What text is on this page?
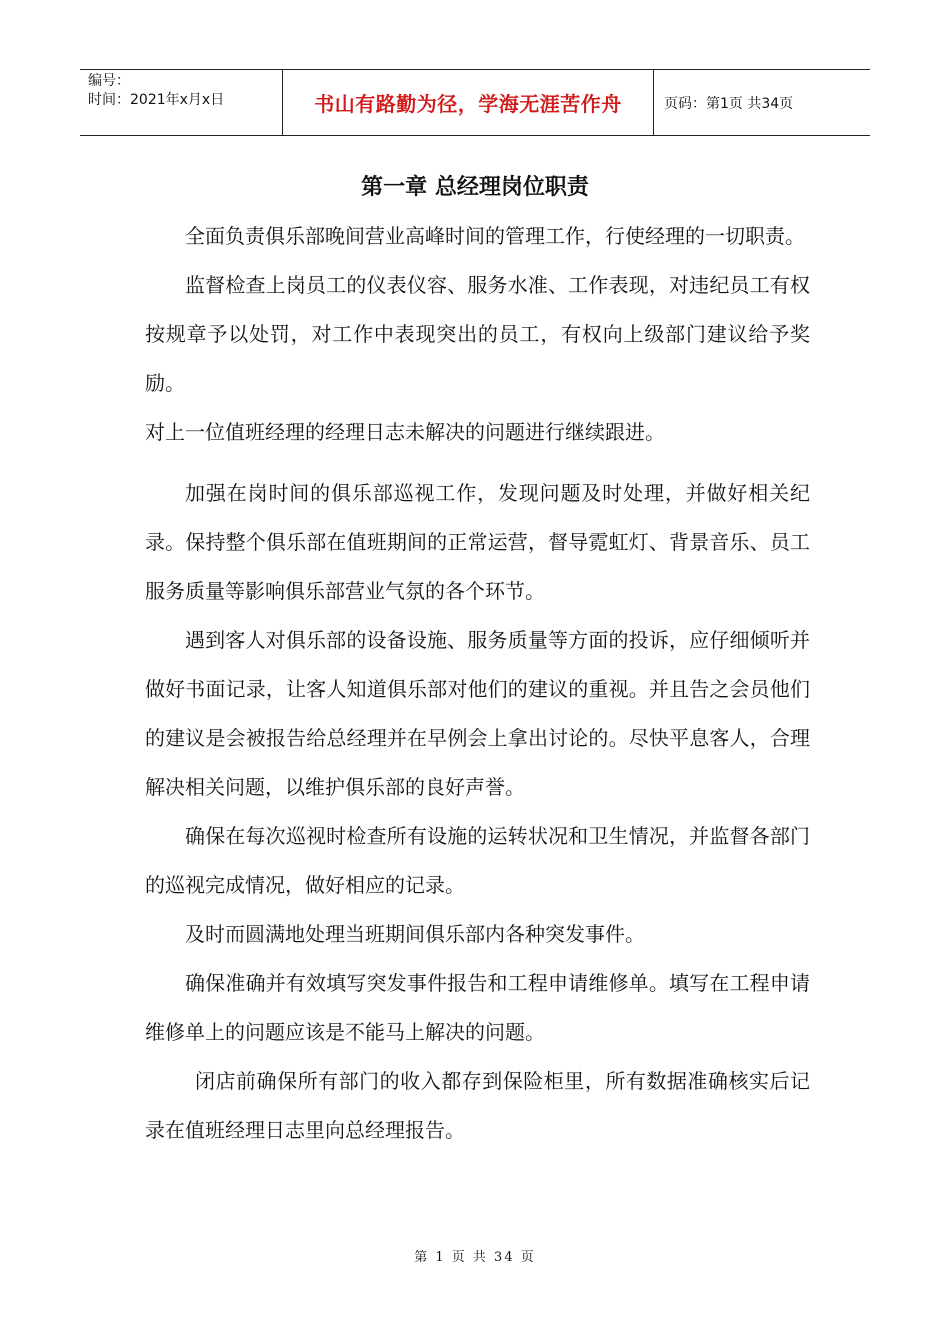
编号：
时间：2021年x月x日	书山有路勤为径，学海无涯苦作舟	页码：第1页 共34页
第一章 总经理岗位职责

全面负责俱乐部晚间营业高峰时间的管理工作，行使经理的一切职责。

监督检查上岗员工的仪表仪容、服务水准、工作表现，对违纪员工有权按规章予以处罚，对工作中表现突出的员工，有权向上级部门建议给予奖励。

对上一位值班经理的经理日志未解决的问题进行继续跟进。

加强在岗时间的俱乐部巡视工作，发现问题及时处理，并做好相关纪录。保持整个俱乐部在值班期间的正常运营，督导霓虹灯、背景音乐、员工服务质量等影响俱乐部营业气氛的各个环节。

遇到客人对俱乐部的设备设施、服务质量等方面的投诉，应仔细倾听并做好书面记录，让客人知道俱乐部对他们的建议的重视。并且告之会员他们的建议是会被报告给总经理并在早例会上拿出讨论的。尽快平息客人，合理解决相关问题，以维护俱乐部的良好声誉。

确保在每次巡视时检查所有设施的运转状况和卫生情况，并监督各部门的巡视完成情况，做好相应的记录。

及时而圆满地处理当班期间俱乐部内各种突发事件。

确保准确并有效填写突发事件报告和工程申请维修单。填写在工程申请维修单上的问题应该是不能马上解决的问题。

闭店前确保所有部门的收入都存到保险柜里，所有数据准确核实后记录在值班经理日志里向总经理报告。

第 1 页 共 34 页
